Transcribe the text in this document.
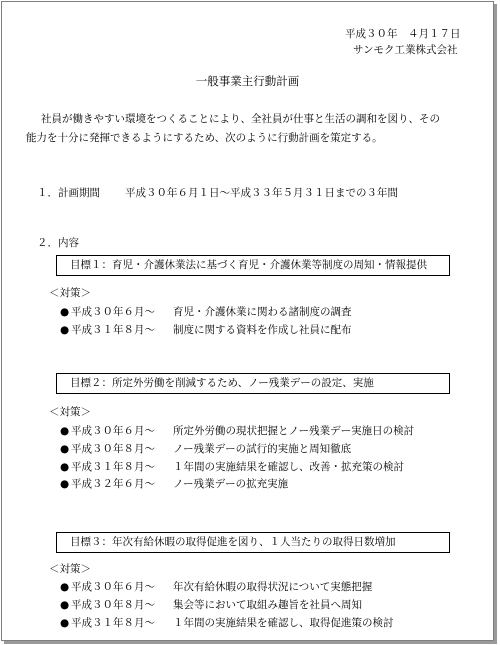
平成３０年　４月１７日
サンモク工業株式会社
一般事業主行動計画
社員が働きやすい環境をつくることにより、全社員が仕事と生活の調和を図り、その
能力を十分に発揮できるようにするため、次のように行動計画を策定する。
１．計画期間 平成３０年６月１日～平成３３年５月３１日までの３年間
２．内容
目標１：育児・介護休業法に基づく育児・介護休業等制度の周知・情報提供
＜対策＞
● 平成３０年６月～ 育児・介護休業に関わる諸制度の調査
● 平成３１年８月～ 制度に関する資料を作成し社員に配布
目標２：所定外労働を削減するため、ノー残業デーの設定、実施
＜対策＞
● 平成３０年６月～ 所定外労働の現状把握とノー残業デー実施日の検討
● 平成３０年８月～ ノー残業デーの試行的実施と周知徹底
● 平成３１年８月～ １年間の実施結果を確認し、改善・拡充策の検討
● 平成３２年６月～ ノー残業デーの拡充実施
目標３：年次有給休暇の取得促進を図り、１人当たりの取得日数増加
＜対策＞
● 平成３０年６月～ 年次有給休暇の取得状況について実態把握
● 平成３０年８月～ 集会等において取組み趣旨を社員へ周知
● 平成３１年８月～ １年間の実施結果を確認し、取得促進策の検討
